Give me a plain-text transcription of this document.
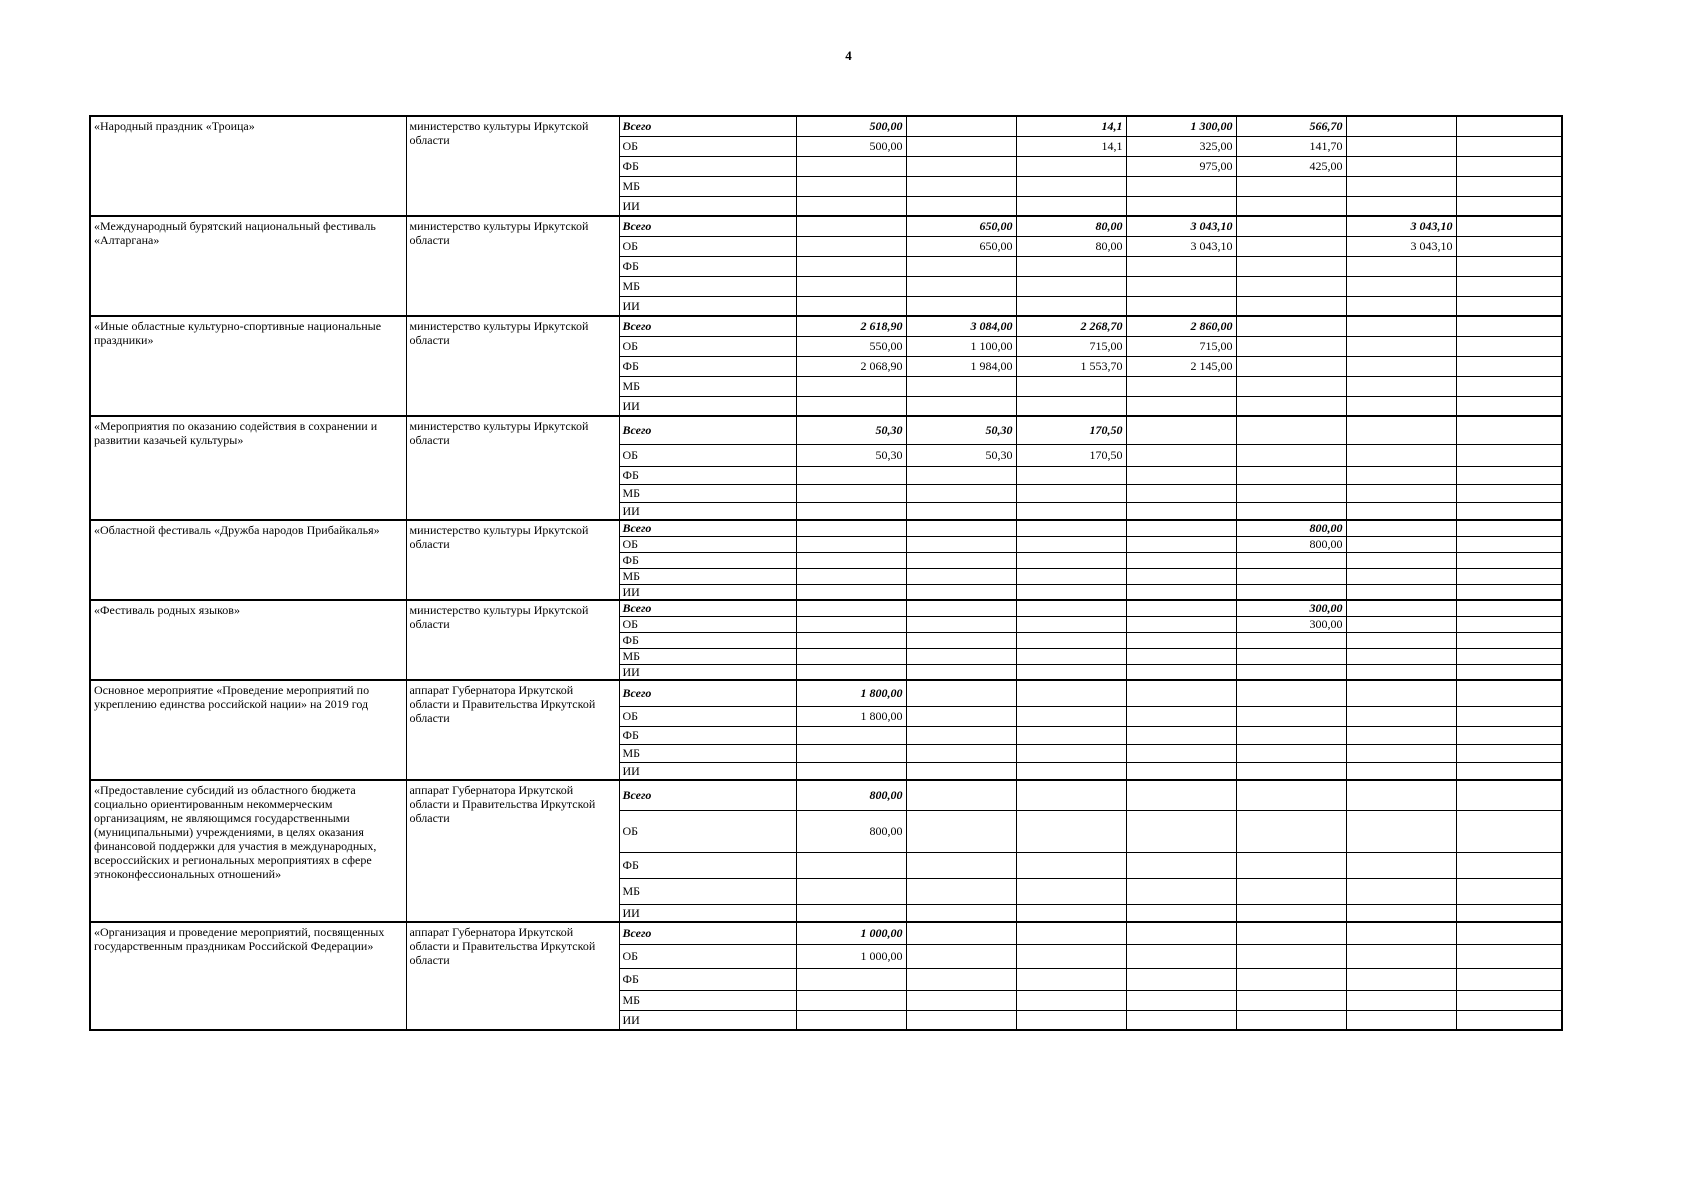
4
«Народный праздник «Троица»	министерство культуры Иркутской области	Всего	500,00		14,1	1 300,00	566,70		
		ОБ	500,00		14,1	325,00	141,70		
		ФБ				975,00	425,00		
		МБ							
		ИИ							
«Международный бурятский национальный фестиваль «Алтаргана»	министерство культуры Иркутской области	Всего		650,00	80,00	3 043,10		3 043,10	
		ОБ		650,00	80,00	3 043,10		3 043,10	
		ФБ							
		МБ							
		ИИ							
«Иные областные культурно-спортивные национальные праздники»	министерство культуры Иркутской области	Всего	2 618,90	3 084,00	2 268,70	2 860,00			
		ОБ	550,00	1 100,00	715,00	715,00			
		ФБ	2 068,90	1 984,00	1 553,70	2 145,00			
		МБ							
		ИИ							
«Мероприятия по оказанию содействия в сохранении и развитии казачьей культуры»	министерство культуры Иркутской области	Всего	50,30	50,30	170,50				
		ОБ	50,30	50,30	170,50				
		ФБ							
		МБ							
		ИИ							
«Областной фестиваль «Дружба народов Прибайкалья»	министерство культуры Иркутской области	Всего					800,00		
		ОБ					800,00		
		ФБ							
		МБ							
		ИИ							
«Фестиваль родных языков»	министерство культуры Иркутской области	Всего					300,00		
		ОБ					300,00		
		ФБ							
		МБ							
		ИИ							
Основное мероприятие «Проведение мероприятий по укреплению единства российской нации» на 2019 год	аппарат Губернатора Иркутской области и Правительства Иркутской области	Всего	1 800,00						
		ОБ	1 800,00						
		ФБ							
		МБ							
		ИИ							
«Предоставление субсидий из областного бюджета социально ориентированным некоммерческим организациям, не являющимся государственными (муниципальными) учреждениями, в целях оказания финансовой поддержки для участия в международных, всероссийских и региональных мероприятиях в сфере этноконфессиональных отношений»	аппарат Губернатора Иркутской области и Правительства Иркутской области	Всего	800,00						
		ОБ	800,00						
		ФБ							
		МБ							
		ИИ							
«Организация и проведение мероприятий, посвященных государственным праздникам Российской Федерации»	аппарат Губернатора Иркутской области и Правительства Иркутской области	Всего	1 000,00						
		ОБ	1 000,00						
		ФБ							
		МБ							
		ИИ							
